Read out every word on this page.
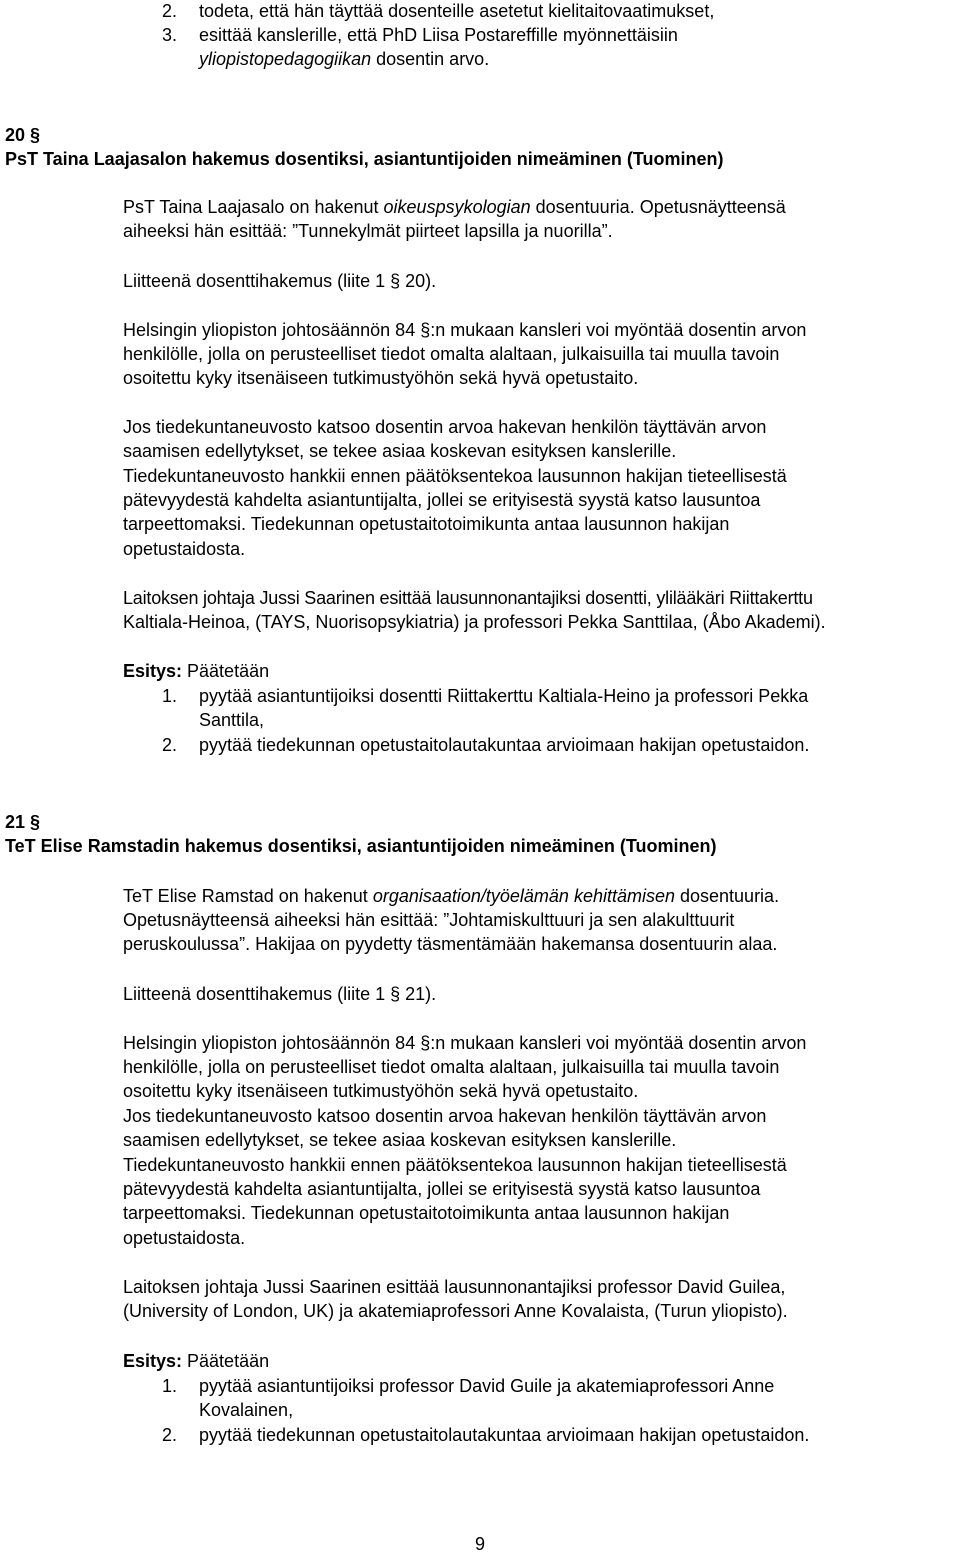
2. todeta, että hän täyttää dosenteille asetetut kielitaitovaatimukset,
3. esittää kanslerille, että PhD Liisa Postareffille myönnettäisiin
yliopistopedagogiikan dosentin arvo.
20 §
PsT Taina Laajasalon hakemus dosentiksi, asiantuntijoiden nimeäminen (Tuominen)
PsT Taina Laajasalo on hakenut oikeuspsykologian dosentuuria. Opetusnäytteensä
aiheeksi hän esittää: ”Tunnekylmät piirteet lapsilla ja nuorilla”.
Liitteenä dosenttihakemus (liite 1 § 20).
Helsingin yliopiston johtosäännön 84 §:n mukaan kansleri voi myöntää dosentin arvon
henkilölle, jolla on perusteelliset tiedot omalta alaltaan, julkaisuilla tai muulla tavoin
osoitettu kyky itsenäiseen tutkimustyöhön sekä hyvä opetustaito.
Jos tiedekuntaneuvosto katsoo dosentin arvoa hakevan henkilön täyttävän arvon
saamisen edellytykset, se tekee asiaa koskevan esityksen kanslerille.
Tiedekuntaneuvosto hankkii ennen päätöksentekoa lausunnon hakijan tieteellisestä
pätevyydestä kahdelta asiantuntijalta, jollei se erityisestä syystä katso lausuntoa
tarpeettomaksi. Tiedekunnan opetustaitotoimikunta antaa lausunnon hakijan
opetustaidosta.
Laitoksen johtaja Jussi Saarinen esittää lausunnonantajiksi dosentti, ylilääkäri Riittakerttu
Kaltiala-Heinoa, (TAYS, Nuorisopsykiatria) ja professori Pekka Santtilaa, (Åbo Akademi).
Esitys: Päätetään
1. pyytää asiantuntijoiksi dosentti Riittakerttu Kaltiala-Heino ja professori Pekka
Santtila,
2. pyytää tiedekunnan opetustaitolautakuntaa arvioimaan hakijan opetustaidon.
21 §
TeT Elise Ramstadin hakemus dosentiksi, asiantuntijoiden nimeäminen (Tuominen)
TeT Elise Ramstad on hakenut organisaation/työelämän kehittämisen dosentuuria.
Opetusnäytteensä aiheeksi hän esittää: ”Johtamiskulttuuri ja sen alakulttuurit
peruskoulussa”. Hakijaa on pyydetty täsmentämään hakemansa dosentuurin alaa.
Liitteenä dosenttihakemus (liite 1 § 21).
Helsingin yliopiston johtosäännön 84 §:n mukaan kansleri voi myöntää dosentin arvon
henkilölle, jolla on perusteelliset tiedot omalta alaltaan, julkaisuilla tai muulla tavoin
osoitettu kyky itsenäiseen tutkimustyöhön sekä hyvä opetustaito.
Jos tiedekuntaneuvosto katsoo dosentin arvoa hakevan henkilön täyttävän arvon
saamisen edellytykset, se tekee asiaa koskevan esityksen kanslerille.
Tiedekuntaneuvosto hankkii ennen päätöksentekoa lausunnon hakijan tieteellisestä
pätevyydestä kahdelta asiantuntijalta, jollei se erityisestä syystä katso lausuntoa
tarpeettomaksi. Tiedekunnan opetustaitotoimikunta antaa lausunnon hakijan
opetustaidosta.
Laitoksen johtaja Jussi Saarinen esittää lausunnonantajiksi professor David Guilea,
(University of London, UK) ja akatemiaprofessori Anne Kovalaista, (Turun yliopisto).
Esitys: Päätetään
1. pyytää asiantuntijoiksi professor David Guile ja akatemiaprofessori Anne
Kovalainen,
2. pyytää tiedekunnan opetustaitolautakuntaa arvioimaan hakijan opetustaidon.
9
